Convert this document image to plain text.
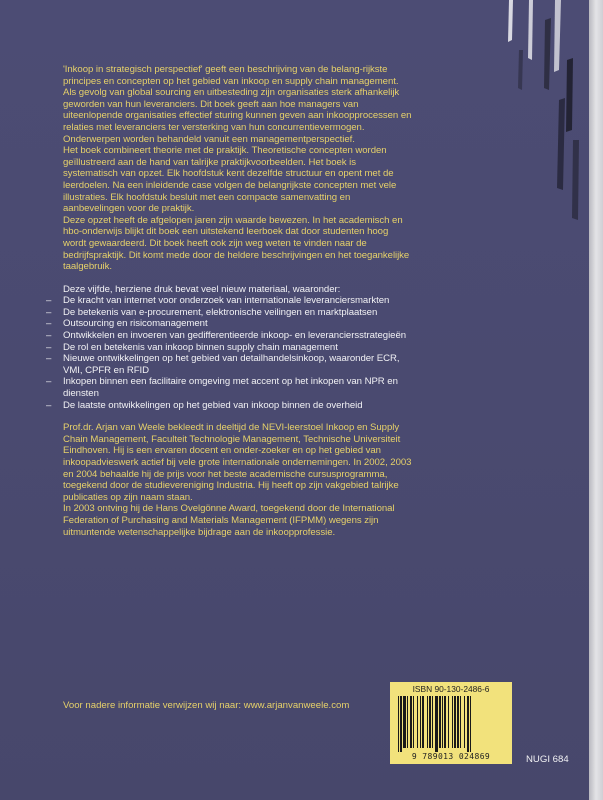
'Inkoop in strategisch perspectief' geeft een beschrijving van de belang-rijkste principes en concepten op het gebied van inkoop en supply chain management. Als gevolg van global sourcing en uitbesteding zijn organisaties sterk afhankelijk geworden van hun leveranciers. Dit boek geeft aan hoe managers van uiteenlopende organisaties effectief sturing kunnen geven aan inkoopprocessen en relaties met leveranciers ter versterking van hun concurrentievermogen. Onderwerpen worden behandeld vanuit een managementperspectief.

Het boek combineert theorie met de praktijk. Theoretische concepten worden geïllustreerd aan de hand van talrijke praktijkvoorbeelden. Het boek is systematisch van opzet. Elk hoofdstuk kent dezelfde structuur en opent met de leerdoelen. Na een inleidende case volgen de belangrijkste concepten met vele illustraties. Elk hoofdstuk besluit met een compacte samenvatting en aanbevelingen voor de praktijk.

Deze opzet heeft de afgelopen jaren zijn waarde bewezen. In het academisch en hbo-onderwijs blijkt dit boek een uitstekend leerboek dat door studenten hoog wordt gewaardeerd. Dit boek heeft ook zijn weg weten te vinden naar de bedrijfspraktijk. Dit komt mede door de heldere beschrijvingen en het toegankelijke taalgebruik.

Deze vijfde, herziene druk bevat veel nieuw materiaal, waaronder:

– De kracht van internet voor onderzoek van internationale leveranciersmarkten
– De betekenis van e-procurement, elektronische veilingen en marktplaatsen
– Outsourcing en risicomanagement
– Ontwikkelen en invoeren van gedifferentieerde inkoop- en leveranciersstrategieën
– De rol en betekenis van inkoop binnen supply chain management
– Nieuwe ontwikkelingen op het gebied van detailhandelsinkoop, waaronder ECR, VMI, CPFR en RFID
– Inkopen binnen een facilitaire omgeving met accent op het inkopen van NPR en diensten
– De laatste ontwikkelingen op het gebied van inkoop binnen de overheid

Prof.dr. Arjan van Weele bekleedt in deeltijd de NEVI-leerstoel Inkoop en Supply Chain Management, Faculteit Technologie Management, Technische Universiteit Eindhoven. Hij is een ervaren docent en onder-zoeker en op het gebied van inkoopadvieswerk actief bij vele grote internationale ondernemingen. In 2002, 2003 en 2004 behaalde hij de prijs voor het beste academische cursusprogramma, toegekend door de studievereniging Industria. Hij heeft op zijn vakgebied talrijke publicaties op zijn naam staan.

In 2003 ontving hij de Hans Ovelgönne Award, toegekend door de International Federation of Purchasing and Materials Management (IFPMM) wegens zijn uitmuntende wetenschappelijke bijdrage aan de inkoopprofessie.

Voor nadere informatie verwijzen wij naar: www.arjanvanweele.com
ISBN 90-130-2486-6
9 789013 024869	NUGI 684
